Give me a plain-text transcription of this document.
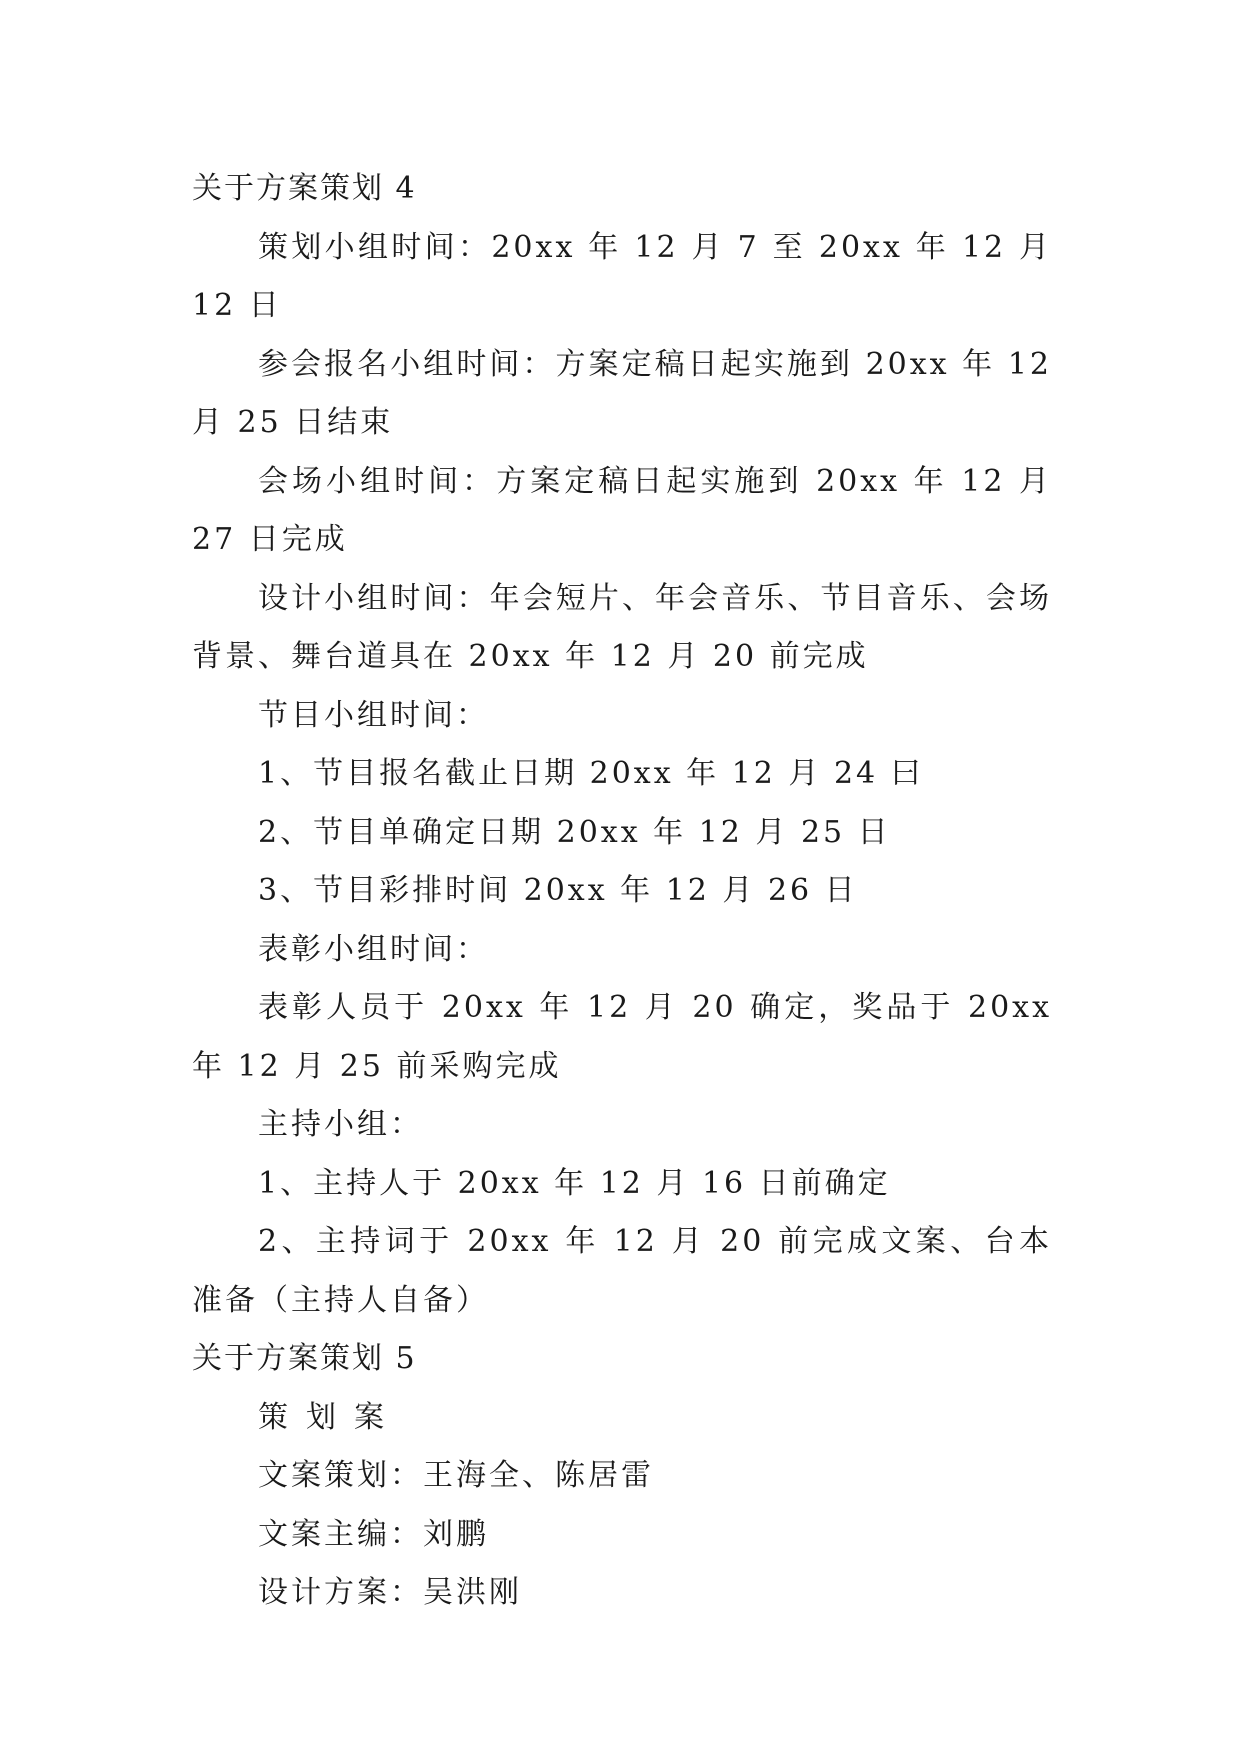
关于方案策划 4

策划小组时间：20xx 年 12 月 7 至 20xx 年 12 月 12 日

参会报名小组时间：方案定稿日起实施到 20xx 年 12 月 25 日结束

会场小组时间：方案定稿日起实施到 20xx 年 12 月 27 日完成

设计小组时间：年会短片、年会音乐、节目音乐、会场背景、舞台道具在 20xx 年 12 月 20 前完成

节目小组时间：

1、节目报名截止日期 20xx 年 12 月 24 曰

2、节目单确定日期 20xx 年 12 月 25 日

3、节目彩排时间 20xx 年 12 月 26 日

表彰小组时间：

表彰人员于 20xx 年 12 月 20 确定，奖品于 20xx 年 12 月 25 前采购完成

主持小组：

1、主持人于 20xx 年 12 月 16 日前确定

2、主持词于 20xx 年 12 月 20 前完成文案、台本准备（主持人自备）

关于方案策划 5

策划案

文案策划：王海全、陈居雷

文案主编：刘鹏

设计方案：吴洪刚
